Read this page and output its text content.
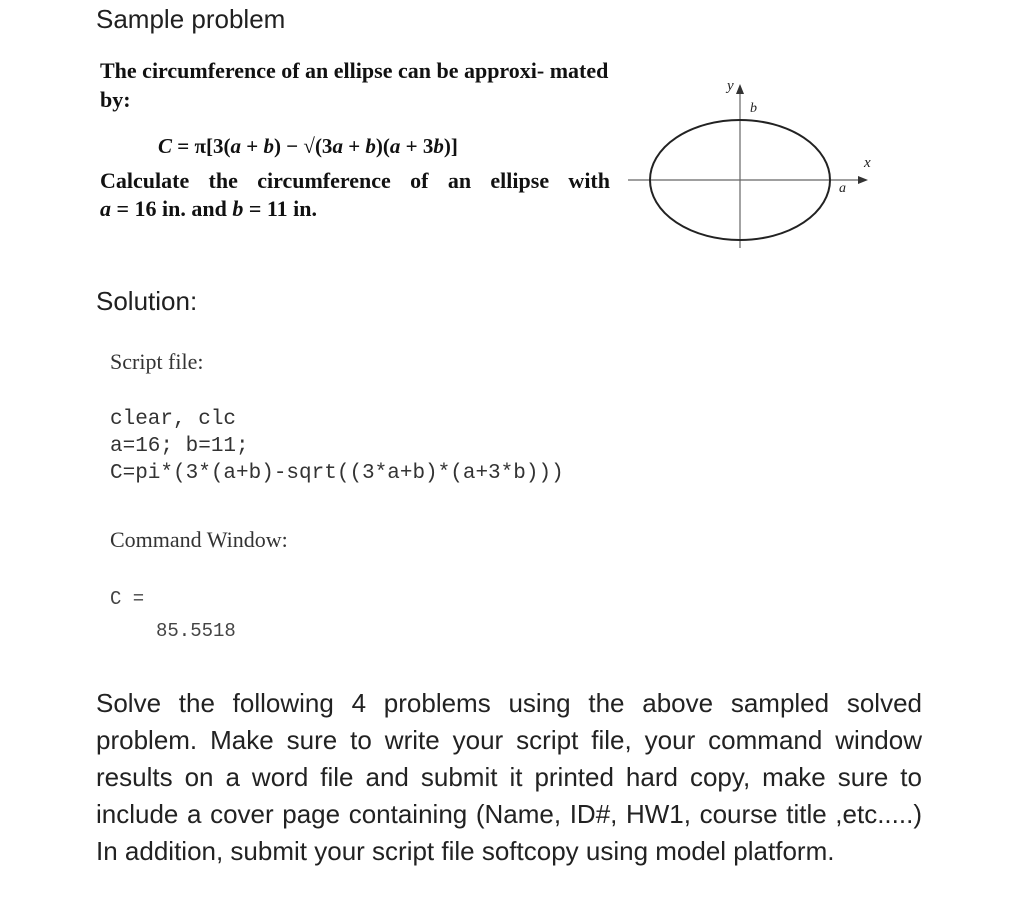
Sample problem
The circumference of an ellipse can be approxi- mated by:
C = π[3(a + b) − √(3a + b)(a + 3b)]
Calculate the circumference of an ellipse with
a = 16 in. and b = 11 in.
y
x
b
a
Solution:
Script file:
clear, clc
a=16; b=11;
C=pi*(3*(a+b)-sqrt((3*a+b)*(a+3*b)))
Command Window:
C =
85.5518
Solve the following 4 problems using the above sampled solved problem. Make sure to write your script file, your command window results on a word file and submit it printed hard copy, make sure to include a cover page containing (Name, ID#, HW1, course title ,etc.....) In addition, submit your script file softcopy using model platform.
